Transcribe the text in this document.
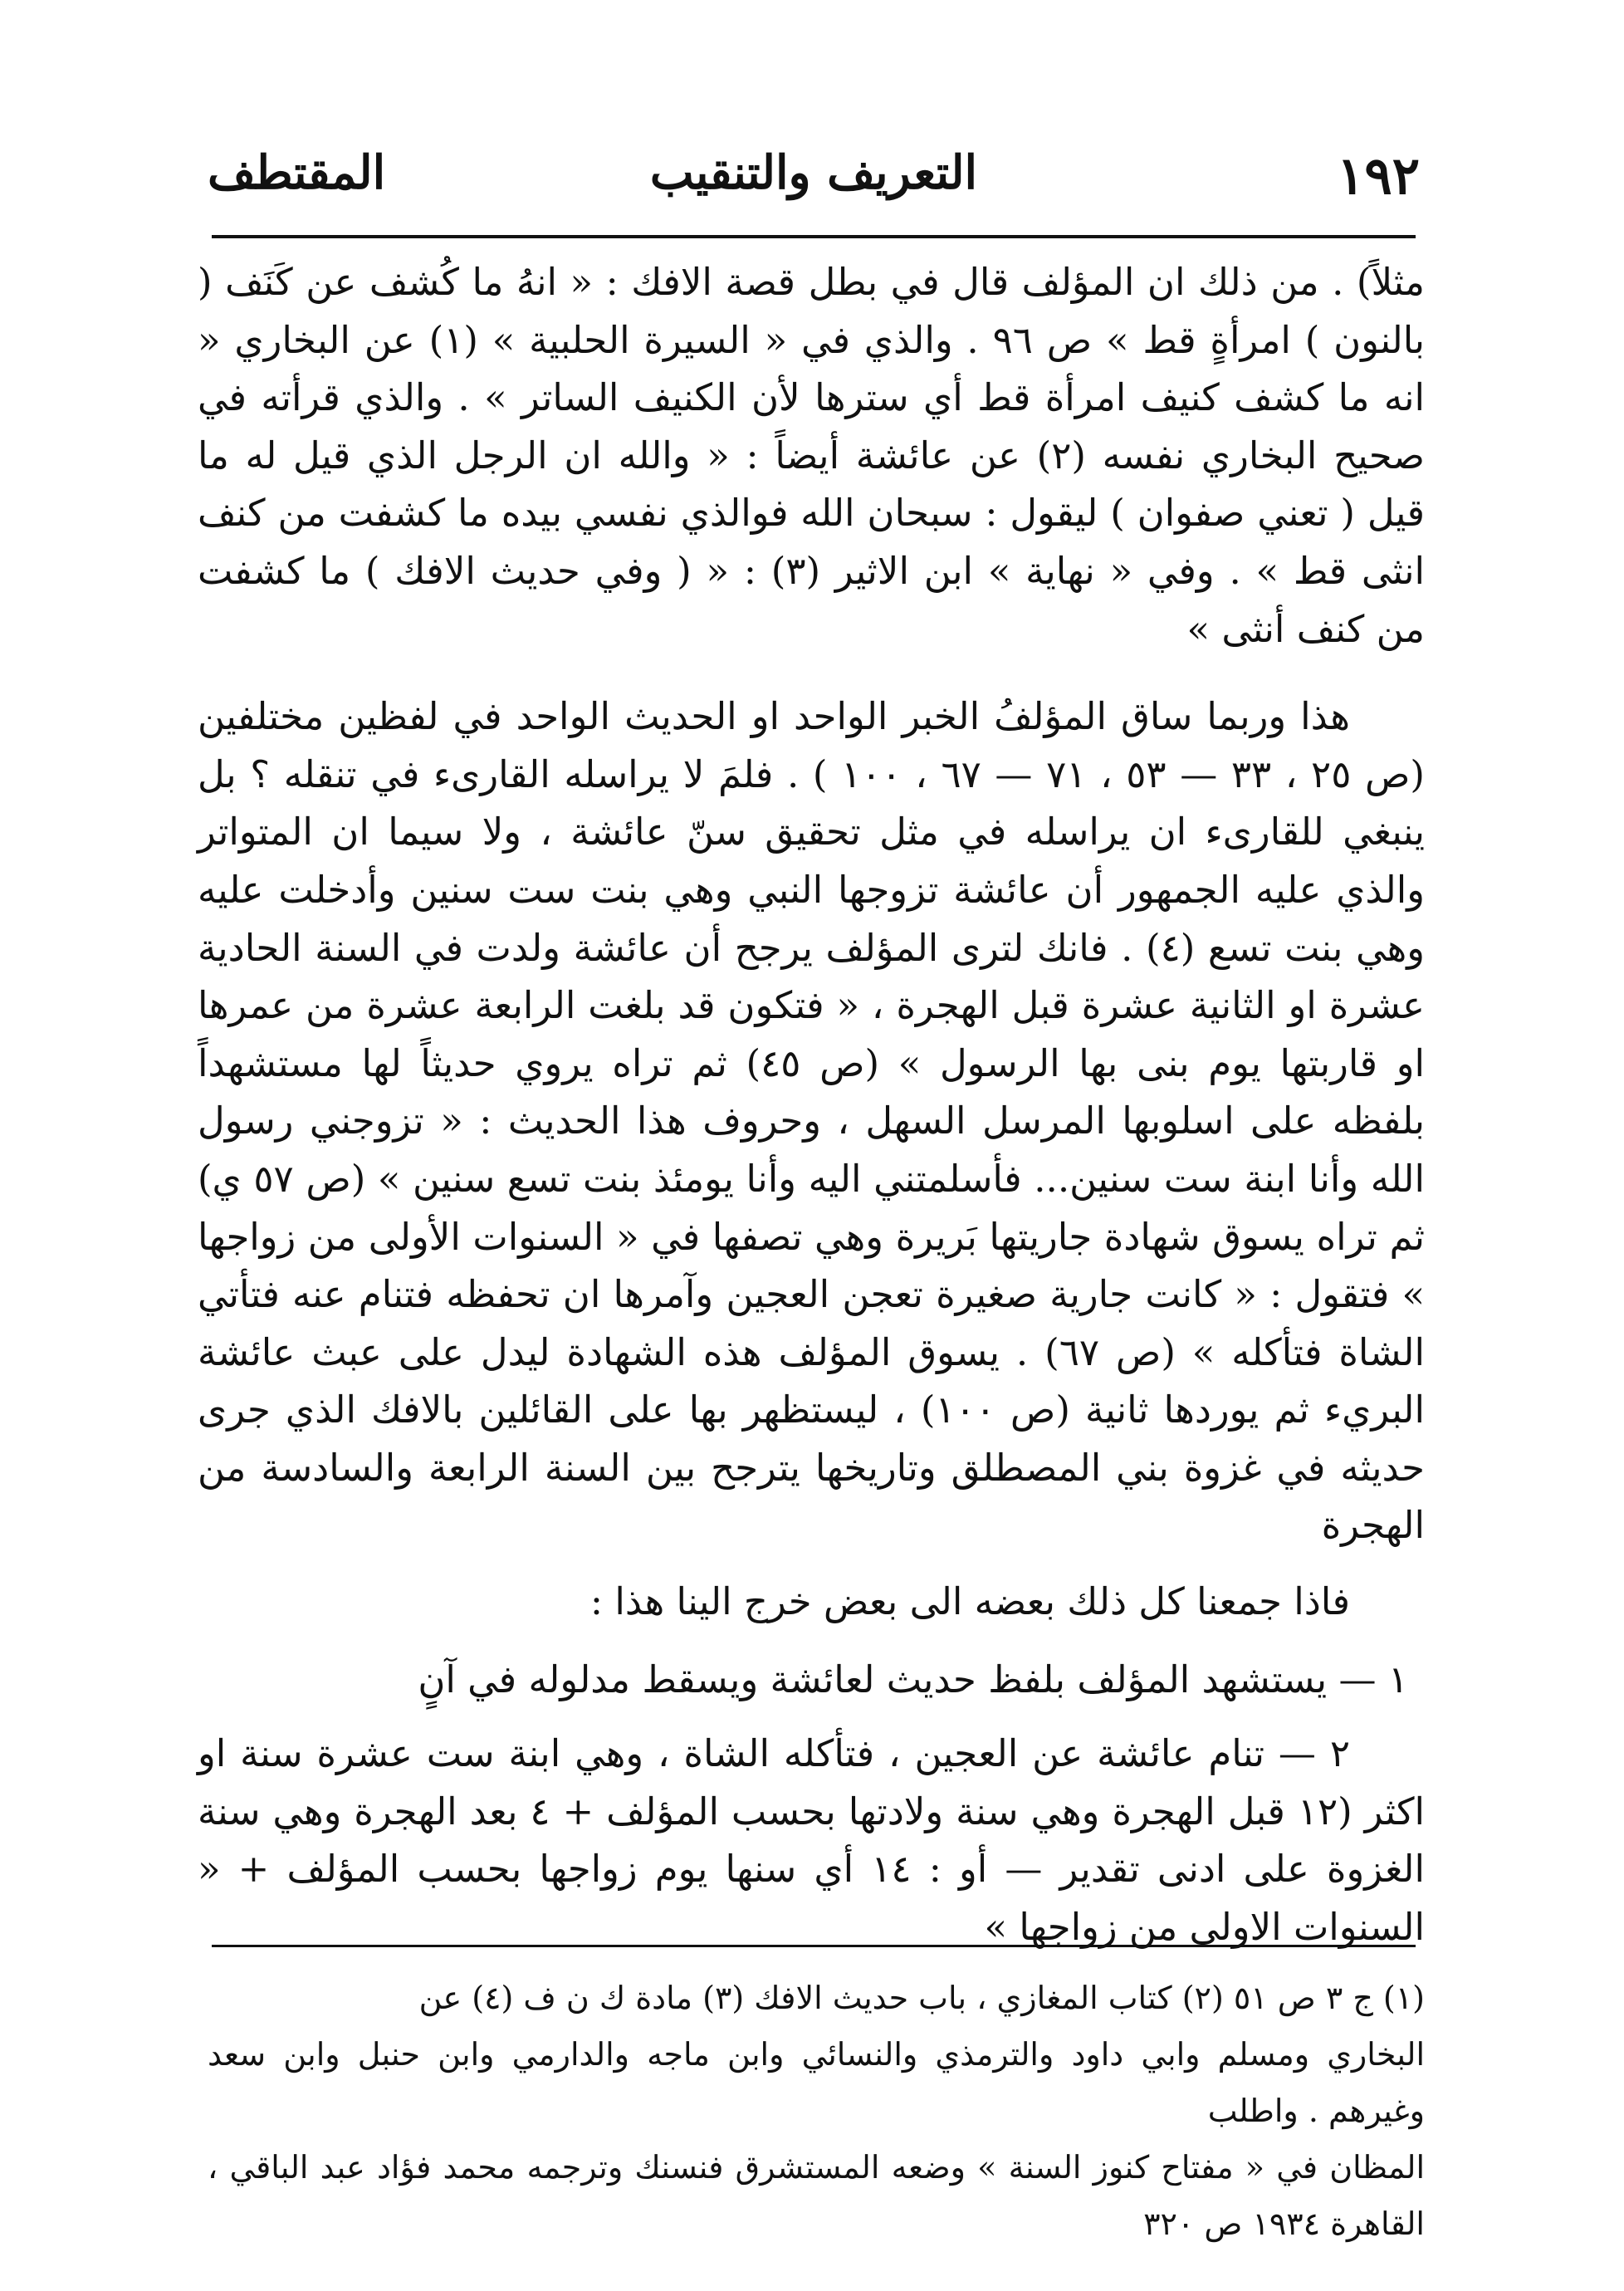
١٩٢
التعريف والتنقيب
المقتطف

مثلاً) . من ذلك ان المؤلف قال في بطل قصة الافك : « انهُ ما كُشف عن كَنَف ( بالنون ) امرأةٍ قط » ص ٩٦ . والذي في « السيرة الحلبية » (١) عن البخاري « انه ما كشف كنيف امرأة قط أي سترها لأن الكنيف الساتر » . والذي قرأته في صحيح البخاري نفسه (٢) عن عائشة أيضاً : « والله ان الرجل الذي قيل له ما قيل ( تعني صفوان ) ليقول : سبحان الله فوالذي نفسي بيده ما كشفت من كنف انثى قط » . وفي « نهاية » ابن الاثير (٣) : « ( وفي حديث الافك ) ما كشفت من كنف أنثى »

هذا وربما ساق المؤلفُ الخبر الواحد او الحديث الواحد في لفظين مختلفين (ص ٢٥ ، ٣٣ — ٥٣ ، ٧١ — ٦٧ ، ١٠٠ ) . فلمَ لا يراسله القارىء في تنقله ؟ بل ينبغي للقارىء ان يراسله في مثل تحقيق سنّ عائشة ، ولا سيما ان المتواتر والذي عليه الجمهور أن عائشة تزوجها النبي وهي بنت ست سنين وأدخلت عليه وهي بنت تسع (٤) . فانك لترى المؤلف يرجح أن عائشة ولدت في السنة الحادية عشرة او الثانية عشرة قبل الهجرة ، « فتكون قد بلغت الرابعة عشرة من عمرها او قاربتها يوم بنى بها الرسول » (ص ٤٥) ثم تراه يروي حديثاً لها مستشهداً بلفظه على اسلوبها المرسل السهل ، وحروف هذا الحديث : « تزوجني رسول الله وأنا ابنة ست سنين... فأسلمتني اليه وأنا يومئذ بنت تسع سنين » (ص ٥٧ ي) ثم تراه يسوق شهادة جاريتها بَريرة وهي تصفها في « السنوات الأولى من زواجها » فتقول : « كانت جارية صغيرة تعجن العجين وآمرها ان تحفظه فتنام عنه فتأتي الشاة فتأكله » (ص ٦٧) . يسوق المؤلف هذه الشهادة ليدل على عبث عائشة البريء ثم يوردها ثانية (ص ١٠٠) ، ليستظهر بها على القائلين بالافك الذي جرى حديثه في غزوة بني المصطلق وتاريخها يترجح بين السنة الرابعة والسادسة من الهجرة

فاذا جمعنا كل ذلك بعضه الى بعض خرج الينا هذا :

١ — يستشهد المؤلف بلفظ حديث لعائشة ويسقط مدلوله في آنٍ

٢ — تنام عائشة عن العجين ، فتأكله الشاة ، وهي ابنة ست عشرة سنة او اكثر (١٢ قبل الهجرة وهي سنة ولادتها بحسب المؤلف + ٤ بعد الهجرة وهي سنة الغزوة على ادنى تقدير — أو : ١٤ أي سنها يوم زواجها بحسب المؤلف + « السنوات الاولى من زواجها »

(١) ج ٣ ص ٥١ (٢) كتاب المغازي ، باب حديث الافك (٣) مادة ك ن ف (٤) عن

البخاري ومسلم وابي داود والترمذي والنسائي وابن ماجه والدارمي وابن حنبل وابن سعد وغيرهم . واطلب

المظان في « مفتاح كنوز السنة » وضعه المستشرق فنسنك وترجمه محمد فؤاد عبد الباقي ، القاهرة ١٩٣٤ ص ٣٢٠
